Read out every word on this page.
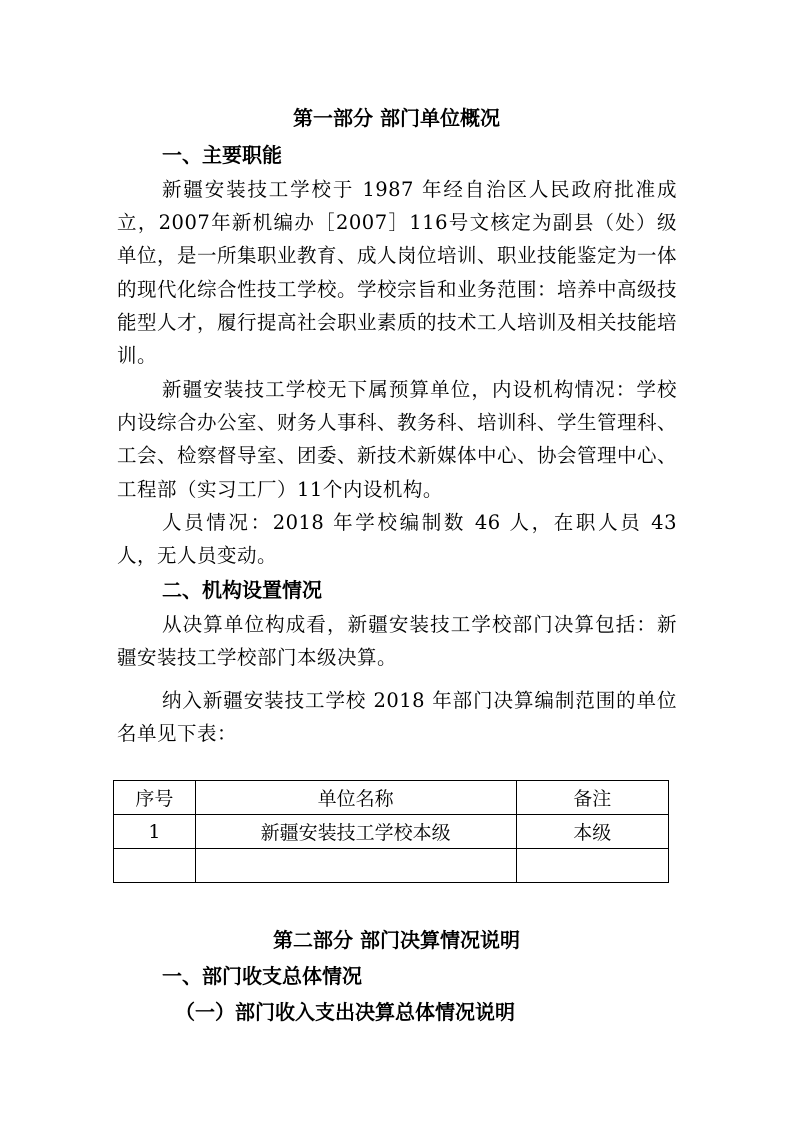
第一部分 部门单位概况
一、主要职能
新疆安装技工学校于 1987 年经自治区人民政府批准成立，2007年新机编办［2007］116号文核定为副县（处）级单位，是一所集职业教育、成人岗位培训、职业技能鉴定为一体的现代化综合性技工学校。学校宗旨和业务范围：培养中高级技能型人才，履行提高社会职业素质的技术工人培训及相关技能培训。
新疆安装技工学校无下属预算单位，内设机构情况：学校内设综合办公室、财务人事科、教务科、培训科、学生管理科、工会、检察督导室、团委、新技术新媒体中心、协会管理中心、工程部（实习工厂）11个内设机构。
人员情况：2018 年学校编制数 46 人，在职人员 43 人，无人员变动。
二、机构设置情况
从决算单位构成看，新疆安装技工学校部门决算包括：新疆安装技工学校部门本级决算。
纳入新疆安装技工学校 2018 年部门决算编制范围的单位名单见下表：
序号	单位名称	备注
1	新疆安装技工学校本级	本级

第二部分 部门决算情况说明
一、部门收支总体情况
（一）部门收入支出决算总体情况说明
